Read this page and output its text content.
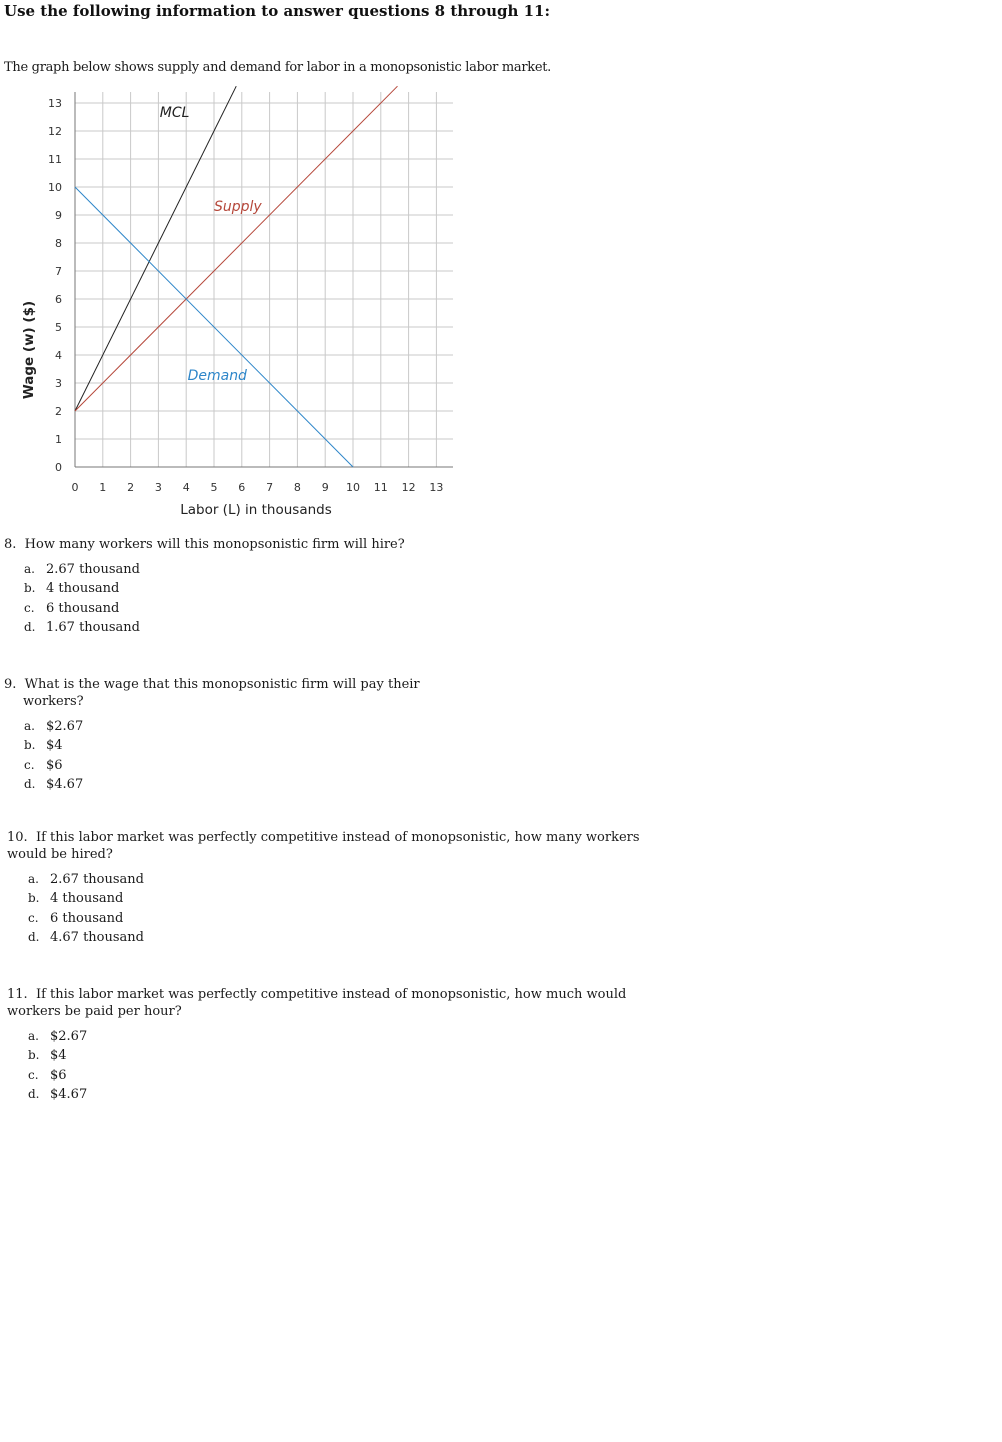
Use the following information to answer questions 8 through 11:
The graph below shows supply and demand for labor in a monopsonistic labor market.
0 1 2 3 4 5 6 7 8 9 10 11 12 13
0
1
2
3
4
5
6
7
8
9
10
11
12
13
MCL
Supply
Demand
Labor (L) in thousands
Wage (w) ($)

8. How many workers will this monopsonistic firm will hire?

a. 2.67 thousand
b. 4 thousand
c. 6 thousand
d. 1.67 thousand

9. What is the wage that this monopsonistic firm will pay their

workers?

a. $2.67
b. $4
c. $6
d. $4.67

10. If this labor market was perfectly competitive instead of monopsonistic, how many workers

would be hired?

a. 2.67 thousand
b. 4 thousand
c. 6 thousand
d. 4.67 thousand

11. If this labor market was perfectly competitive instead of monopsonistic, how much would

workers be paid per hour?

a. $2.67
b. $4
c. $6
d. $4.67
